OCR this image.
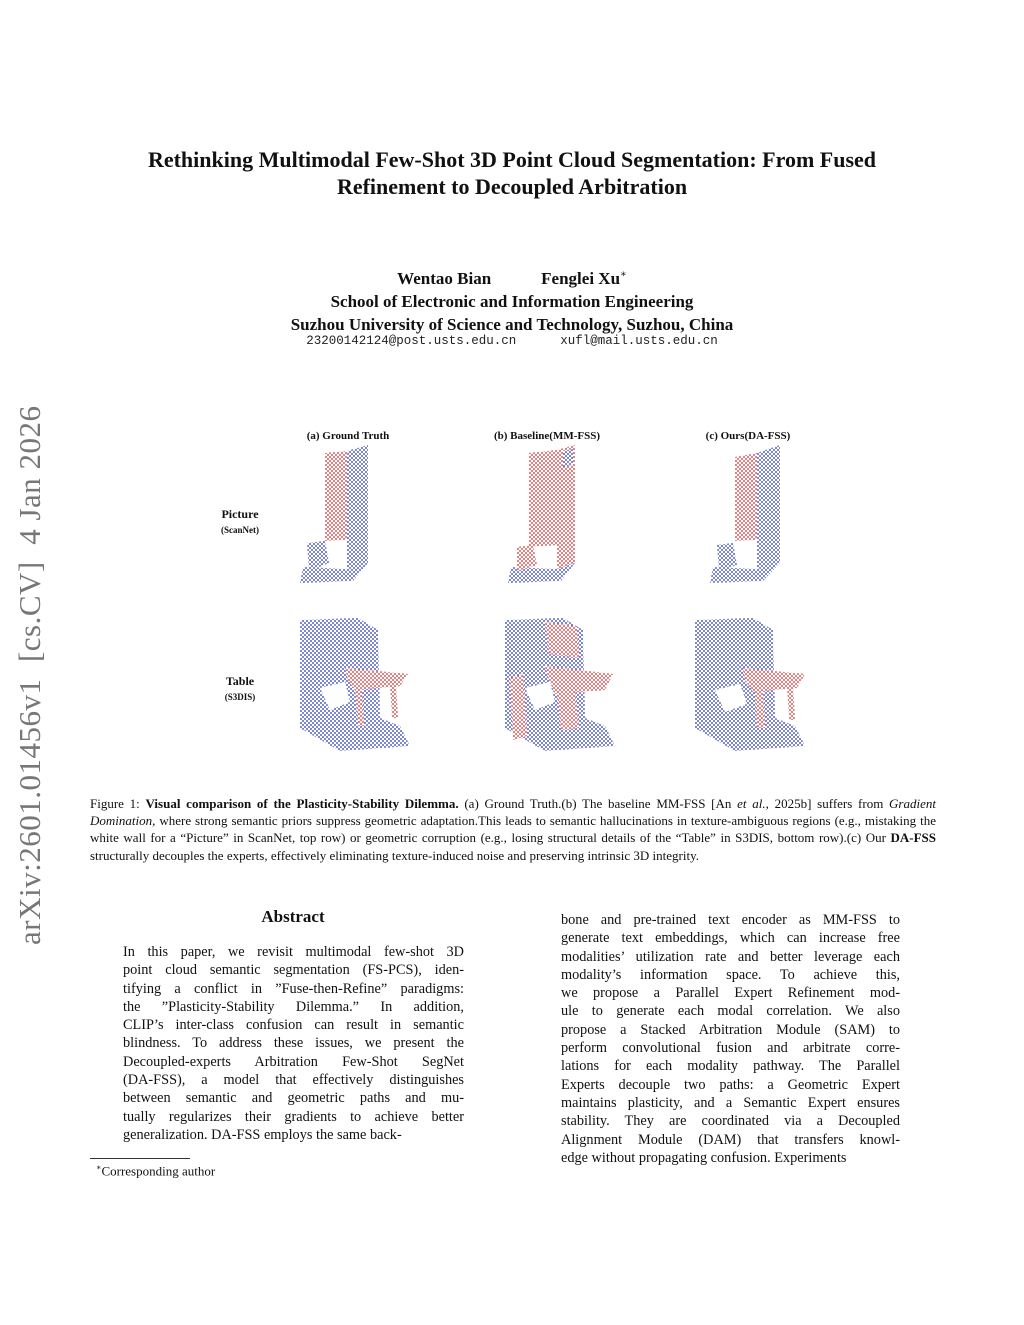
arXiv:2601.01456v1  [cs.CV]  4 Jan 2026
Rethinking Multimodal Few-Shot 3D Point Cloud Segmentation: From Fused
Refinement to Decoupled Arbitration
Wentao Bian	Fenglei Xu∗
School of Electronic and Information Engineering
Suzhou University of Science and Technology, Suzhou, China
23200142124@post.usts.edu.cn	xufl@mail.usts.edu.cn
(a) Ground Truth	(b) Baseline(MM-FSS)	(c) Ours(DA-FSS)
Picture
(ScanNet)
Table
(S3DIS)
Figure 1: Visual comparison of the Plasticity-Stability Dilemma. (a) Ground Truth.(b) The baseline MM-FSS [An et al., 2025b] suffers from Gradient Domination, where strong semantic priors suppress geometric adaptation.This leads to semantic hallucinations in texture-ambiguous regions (e.g., mistaking the white wall for a “Picture” in ScanNet, top row) or geometric corruption (e.g., losing structural details of the “Table” in S3DIS, bottom row).(c) Our DA-FSS structurally decouples the experts, effectively eliminating texture-induced noise and preserving intrinsic 3D integrity.
Abstract
In this paper, we revisit multimodal few-shot 3D
point cloud semantic segmentation (FS-PCS), iden-
tifying a conflict in ”Fuse-then-Refine” paradigms:
the ”Plasticity-Stability Dilemma.” In addition,
CLIP’s inter-class confusion can result in semantic
blindness. To address these issues, we present the
Decoupled-experts Arbitration Few-Shot SegNet
(DA-FSS), a model that effectively distinguishes
between semantic and geometric paths and mu-
tually regularizes their gradients to achieve better
generalization. DA-FSS employs the same back-
bone and pre-trained text encoder as MM-FSS to
generate text embeddings, which can increase free
modalities’ utilization rate and better leverage each
modality’s information space. To achieve this,
we propose a Parallel Expert Refinement mod-
ule to generate each modal correlation. We also
propose a Stacked Arbitration Module (SAM) to
perform convolutional fusion and arbitrate corre-
lations for each modality pathway. The Parallel
Experts decouple two paths: a Geometric Expert
maintains plasticity, and a Semantic Expert ensures
stability. They are coordinated via a Decoupled
Alignment Module (DAM) that transfers knowl-
edge without propagating confusion. Experiments
∗Corresponding author
